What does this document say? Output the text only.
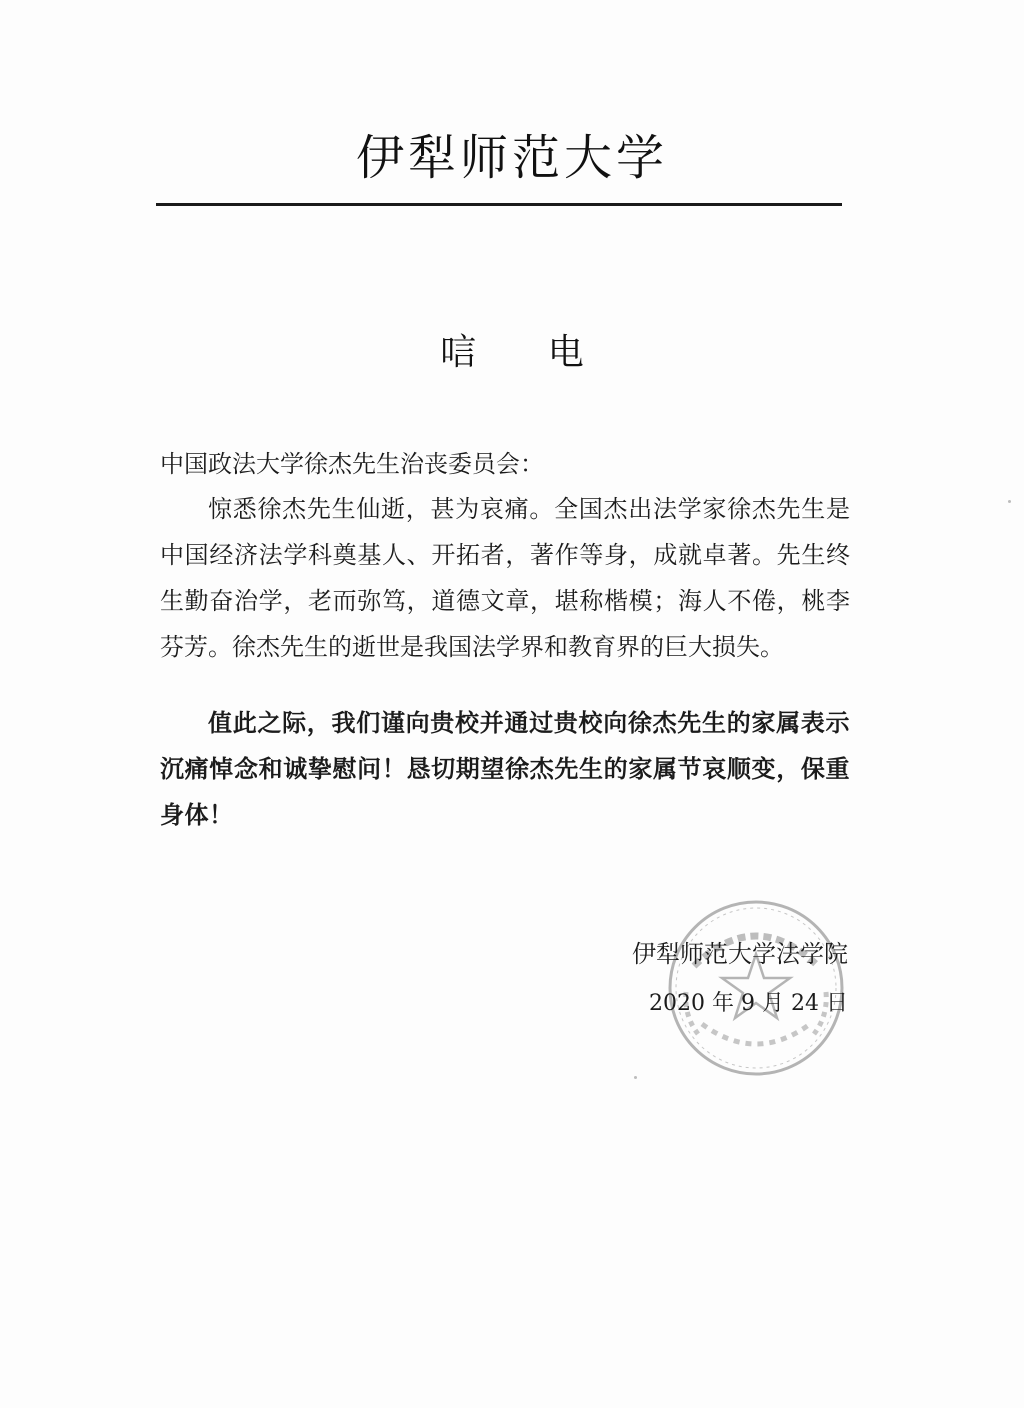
伊犁师范大学
唁 电
中国政法大学徐杰先生治丧委员会：
惊悉徐杰先生仙逝，甚为哀痛。全国杰出法学家徐杰先生是中国经济法学科奠基人、开拓者，著作等身，成就卓著。先生终生勤奋治学，老而弥笃，道德文章，堪称楷模；海人不倦，桃李芬芳。徐杰先生的逝世是我国法学界和教育界的巨大损失。
值此之际，我们谨向贵校并通过贵校向徐杰先生的家属表示沉痛悼念和诚挚慰问！恳切期望徐杰先生的家属节哀顺变，保重身体！
伊犁师范大学法学院
2020 年 9 月 24 日
